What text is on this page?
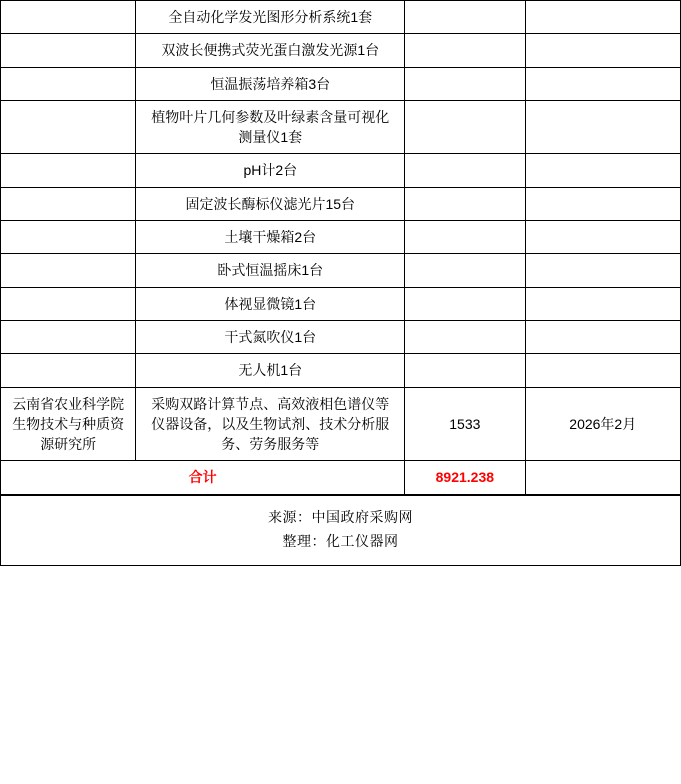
	全自动化学发光图形分析系统1套		
	双波长便携式荧光蛋白激发光源1台		
	恒温振荡培养箱3台		
	植物叶片几何参数及叶绿素含量可视化测量仪1套		
	pH计2台		
	固定波长酶标仪滤光片15台		
	土壤干燥箱2台		
	卧式恒温摇床1台		
	体视显微镜1台		
	干式氮吹仪1台		
	无人机1台		
云南省农业科学院生物技术与种质资源研究所	采购双路计算节点、高效液相色谱仪等仪器设备，以及生物试剂、技术分析服务、劳务服务等	1533	2026年2月
合计		8921.238	
来源：中国政府采购网
整理：化工仪器网
